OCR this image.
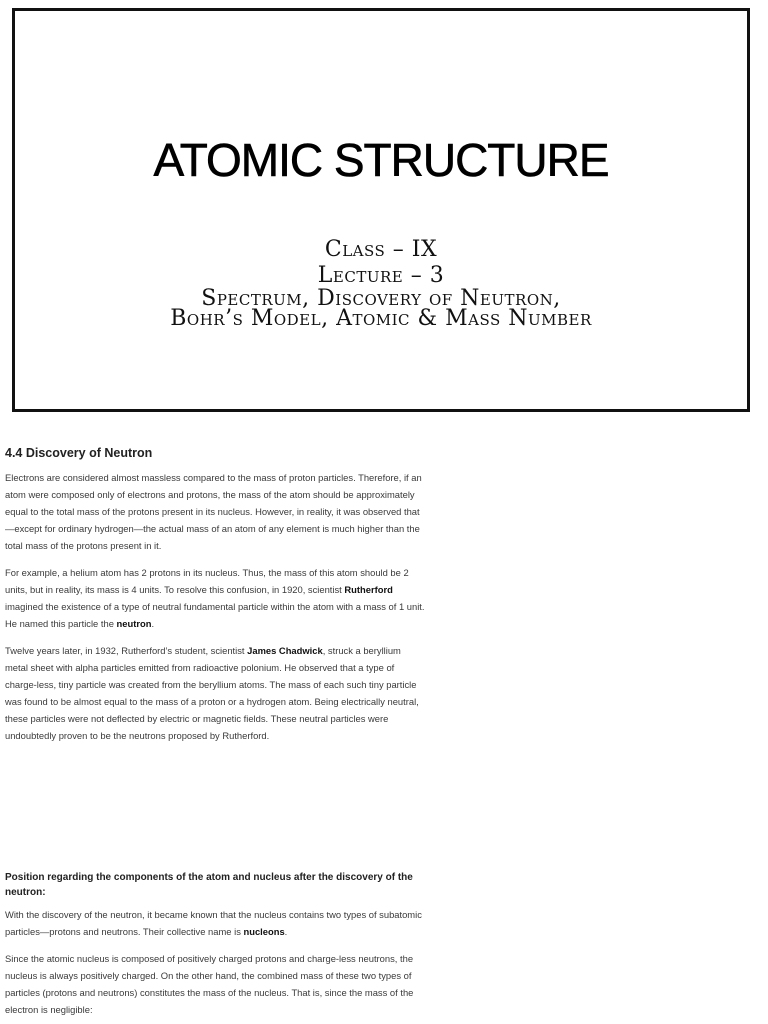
ATOMIC STRUCTURE
Class – IX
Lecture – 3
Spectrum, Discovery of Neutron,
Bohr’s Model, Atomic & Mass Number
4.4 Discovery of Neutron

Electrons are considered almost massless compared to the mass of proton particles. Therefore, if an atom were composed only of electrons and protons, the mass of the atom should be approximately equal to the total mass of the protons present in its nucleus. However, in reality, it was observed that—except for ordinary hydrogen—the actual mass of an atom of any element is much higher than the total mass of the protons present in it.

For example, a helium atom has 2 protons in its nucleus. Thus, the mass of this atom should be 2 units, but in reality, its mass is 4 units. To resolve this confusion, in 1920, scientist Rutherford imagined the existence of a type of neutral fundamental particle within the atom with a mass of 1 unit. He named this particle the neutron.

Twelve years later, in 1932, Rutherford’s student, scientist James Chadwick, struck a beryllium metal sheet with alpha particles emitted from radioactive polonium. He observed that a type of charge-less, tiny particle was created from the beryllium atoms. The mass of each such tiny particle was found to be almost equal to the mass of a proton or a hydrogen atom. Being electrically neutral, these particles were not deflected by electric or magnetic fields. These neutral particles were undoubtedly proven to be the neutrons proposed by Rutherford.

Position regarding the components of the atom and nucleus after the discovery of the neutron:

With the discovery of the neutron, it became known that the nucleus contains two types of subatomic particles—protons and neutrons. Their collective name is nucleons.

Since the atomic nucleus is composed of positively charged protons and charge-less neutrons, the nucleus is always positively charged. On the other hand, the combined mass of these two types of particles (protons and neutrons) constitutes the mass of the nucleus. That is, since the mass of the electron is negligible:
